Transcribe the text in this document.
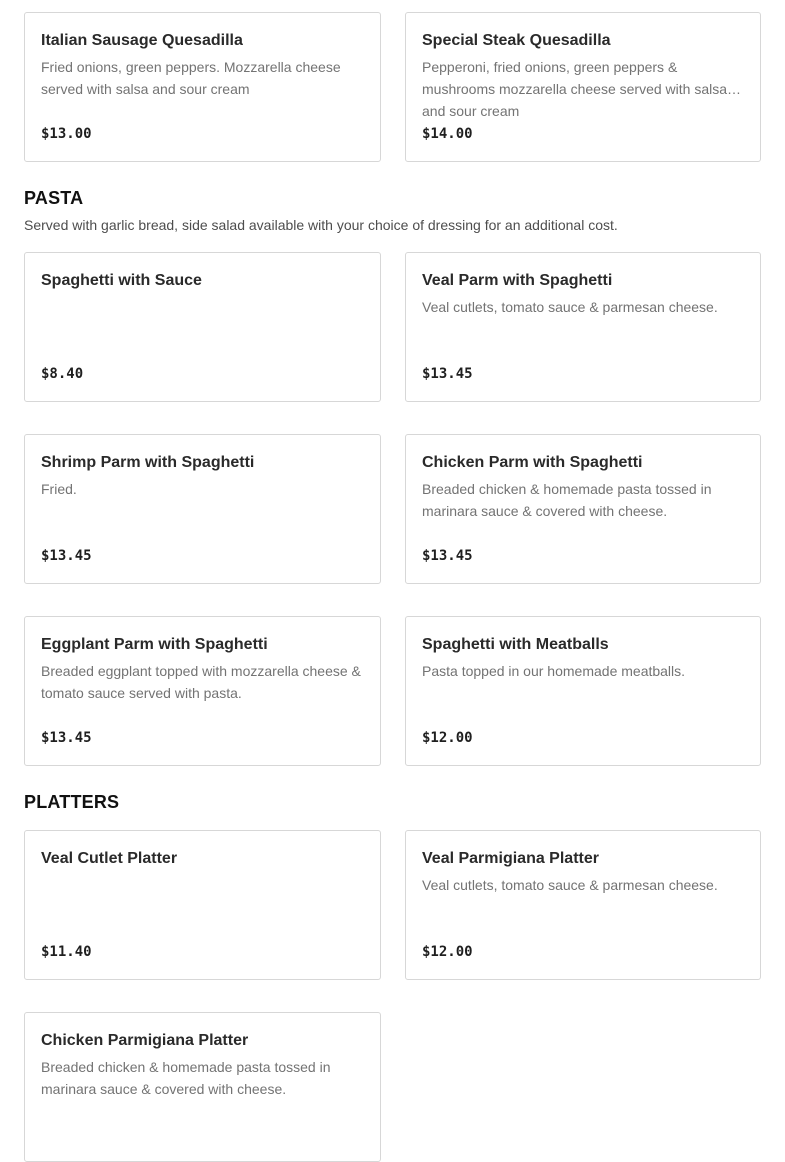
Italian Sausage Quesadilla
Fried onions, green peppers. Mozzarella cheese served with salsa and sour cream
$13.00
Special Steak Quesadilla
Pepperoni, fried onions, green peppers & mushrooms mozzarella cheese served with salsa and sour cream
$14.00
PASTA

Served with garlic bread, side salad available with your choice of dressing for an additional cost.

Spaghetti with Sauce
$8.40
Veal Parm with Spaghetti
Veal cutlets, tomato sauce & parmesan cheese.
$13.45
Shrimp Parm with Spaghetti
Fried.
$13.45
Chicken Parm with Spaghetti
Breaded chicken & homemade pasta tossed in marinara sauce & covered with cheese.
$13.45
Eggplant Parm with Spaghetti
Breaded eggplant topped with mozzarella cheese & tomato sauce served with pasta.
$13.45
Spaghetti with Meatballs
Pasta topped in our homemade meatballs.
$12.00
PLATTERS
Veal Cutlet Platter
$11.40
Veal Parmigiana Platter
Veal cutlets, tomato sauce & parmesan cheese.
$12.00
Chicken Parmigiana Platter
Breaded chicken & homemade pasta tossed in marinara sauce & covered with cheese.
